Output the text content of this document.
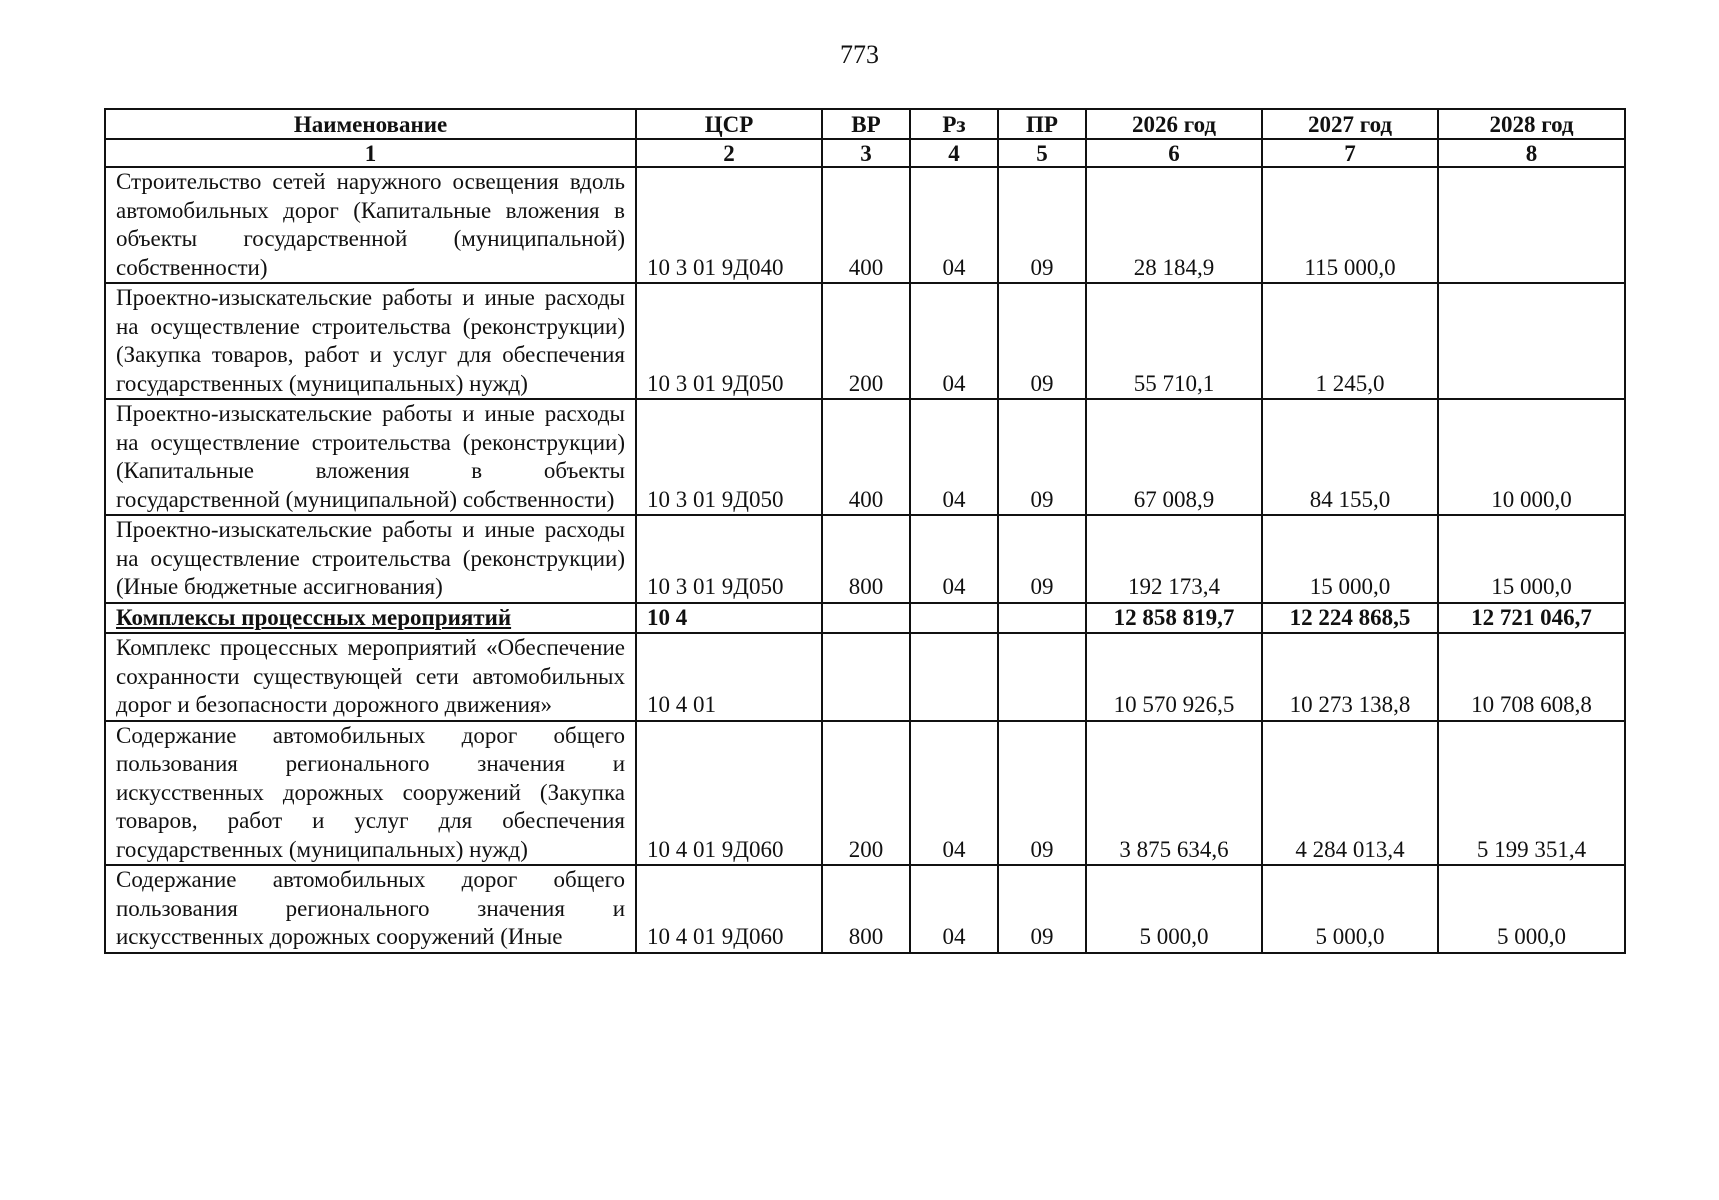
773
Наименование	ЦСР	ВР	Рз	ПР	2026 год	2027 год	2028 год
1	2	3	4	5	6	7	8
Строительство сетей наружного освещения вдоль автомобильных дорог (Капитальные вложения в объекты государственной (муниципальной) собственности)	10 3 01 9Д040	400	04	09	28 184,9	115 000,0	
Проектно-изыскательские работы и иные расходы на осуществление строительства (реконструкции) (Закупка товаров, работ и услуг для обеспечения государственных (муниципальных) нужд)	10 3 01 9Д050	200	04	09	55 710,1	1 245,0	
Проектно-изыскательские работы и иные расходы на осуществление строительства (реконструкции) (Капитальные вложения в объекты государственной (муниципальной) собственности)	10 3 01 9Д050	400	04	09	67 008,9	84 155,0	10 000,0
Проектно-изыскательские работы и иные расходы на осуществление строительства (реконструкции) (Иные бюджетные ассигнования)	10 3 01 9Д050	800	04	09	192 173,4	15 000,0	15 000,0
Комплексы процессных мероприятий	10 4				12 858 819,7	12 224 868,5	12 721 046,7
Комплекс процессных мероприятий «Обеспечение сохранности существующей сети автомобильных дорог и безопасности дорожного движения»	10 4 01				10 570 926,5	10 273 138,8	10 708 608,8
Содержание автомобильных дорог общего пользования регионального значения и искусственных дорожных сооружений (Закупка товаров, работ и услуг для обеспечения государственных (муниципальных) нужд)	10 4 01 9Д060	200	04	09	3 875 634,6	4 284 013,4	5 199 351,4
Содержание автомобильных дорог общего пользования регионального значения и искусственных дорожных сооружений (Иные	10 4 01 9Д060	800	04	09	5 000,0	5 000,0	5 000,0
